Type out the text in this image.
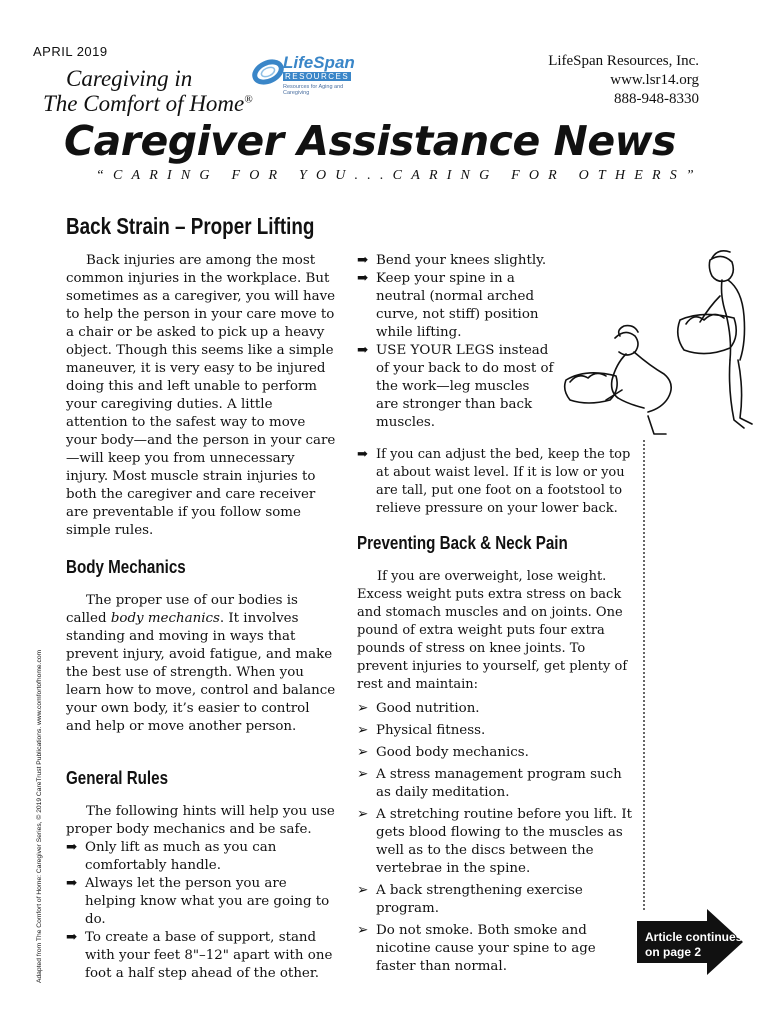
APRIL 2019
Caregiving in
The Comfort of Home®
LifeSpan
RESOURCES
Resources for Aging and Caregiving
LifeSpan Resources, Inc.
www.lsr14.org
888-948-8330
Caregiver Assistance News
“CARING FOR YOU...CARING FOR OTHERS”
Adapted from The Comfort of Home: Caregiver Series, © 2019 CareTrust Publications. www.comfortofhome.com
Back Strain – Proper Lifting

Back injuries are among the most common injuries in the workplace. But sometimes as a caregiver, you will have to help the person in your care move to a chair or be asked to pick up a heavy object. Though this seems like a simple maneuver, it is very easy to be injured doing this and left unable to perform your caregiving duties. A little attention to the safest way to move your body—and the person in your care—will keep you from unnecessary injury. Most muscle strain injuries to both the caregiver and care receiver are preventable if you follow some simple rules.

Body Mechanics

The proper use of our bodies is called body mechanics. It involves standing and moving in ways that prevent injury, avoid fatigue, and make the best use of strength. When you learn how to move, control and balance your own body, it’s easier to control and help or move another person.

General Rules

The following hints will help you use proper body mechanics and be safe.

➡ Only lift as much as you can comfortably handle.
➡ Always let the person you are helping know what you are going to do.
➡ To create a base of support, stand with your feet 8"–12" apart with one foot a half step ahead of the other.
➡ Bend your knees slightly.
➡ Keep your spine in a neutral (normal arched curve, not stiff) position while lifting.
➡ USE YOUR LEGS instead of your back to do most of the work—leg muscles are stronger than back muscles.
➡ If you can adjust the bed, keep the top at about waist level. If it is low or you are tall, put one foot on a footstool to relieve pressure on your lower back.
Preventing Back & Neck Pain

If you are overweight, lose weight. Excess weight puts extra stress on back and stomach muscles and on joints. One pound of extra weight puts four extra pounds of stress on knee joints. To prevent injuries to yourself, get plenty of rest and maintain:

➢ Good nutrition.
➢ Physical fitness.
➢ Good body mechanics.
➢ A stress management program such as daily meditation.
➢ A stretching routine before you lift. It gets blood flowing to the muscles as well as to the discs between the vertebrae in the spine.
➢ A back strengthening exercise program.
➢ Do not smoke. Both smoke and nicotine cause your spine to age faster than normal.
Article continues
on page 2
